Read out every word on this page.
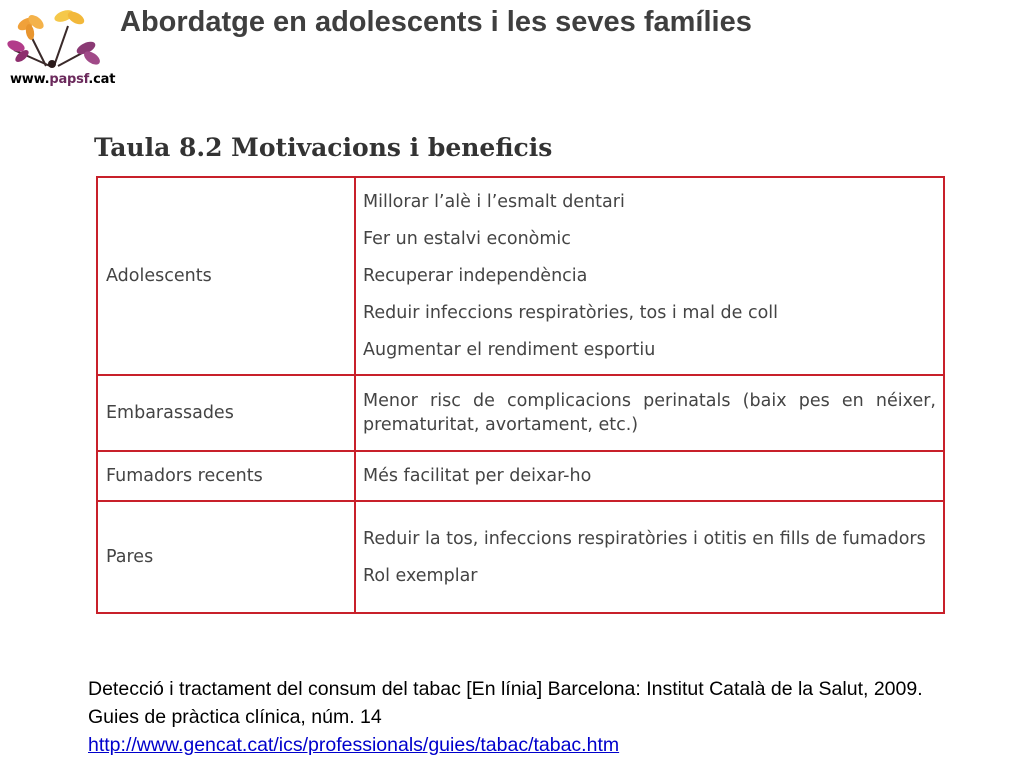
www.papsf.cat
Abordatge en adolescents i les seves famílies
Taula 8.2 Motivacions i beneficis
Adolescents	Millorar l’alè i l’esmalt dentari

Fer un estalvi econòmic

Recuperar independència

Reduir infeccions respiratòries, tos i mal de coll

Augmentar el rendiment esportiu

Embarassades	Menor risc de complicacions perinatals (baix pes en néixer, prematuritat, avortament, etc.)

Fumadors recents	Més facilitat per deixar-ho

Pares	Reduir la tos, infeccions respiratòries i otitis en fills de fumadors

Rol exemplar

Detecció i tractament del consum del tabac [En línia] Barcelona: Institut Català de la Salut, 2009. Guies de pràctica clínica, núm. 14
http://www.gencat.cat/ics/professionals/guies/tabac/tabac.htm
